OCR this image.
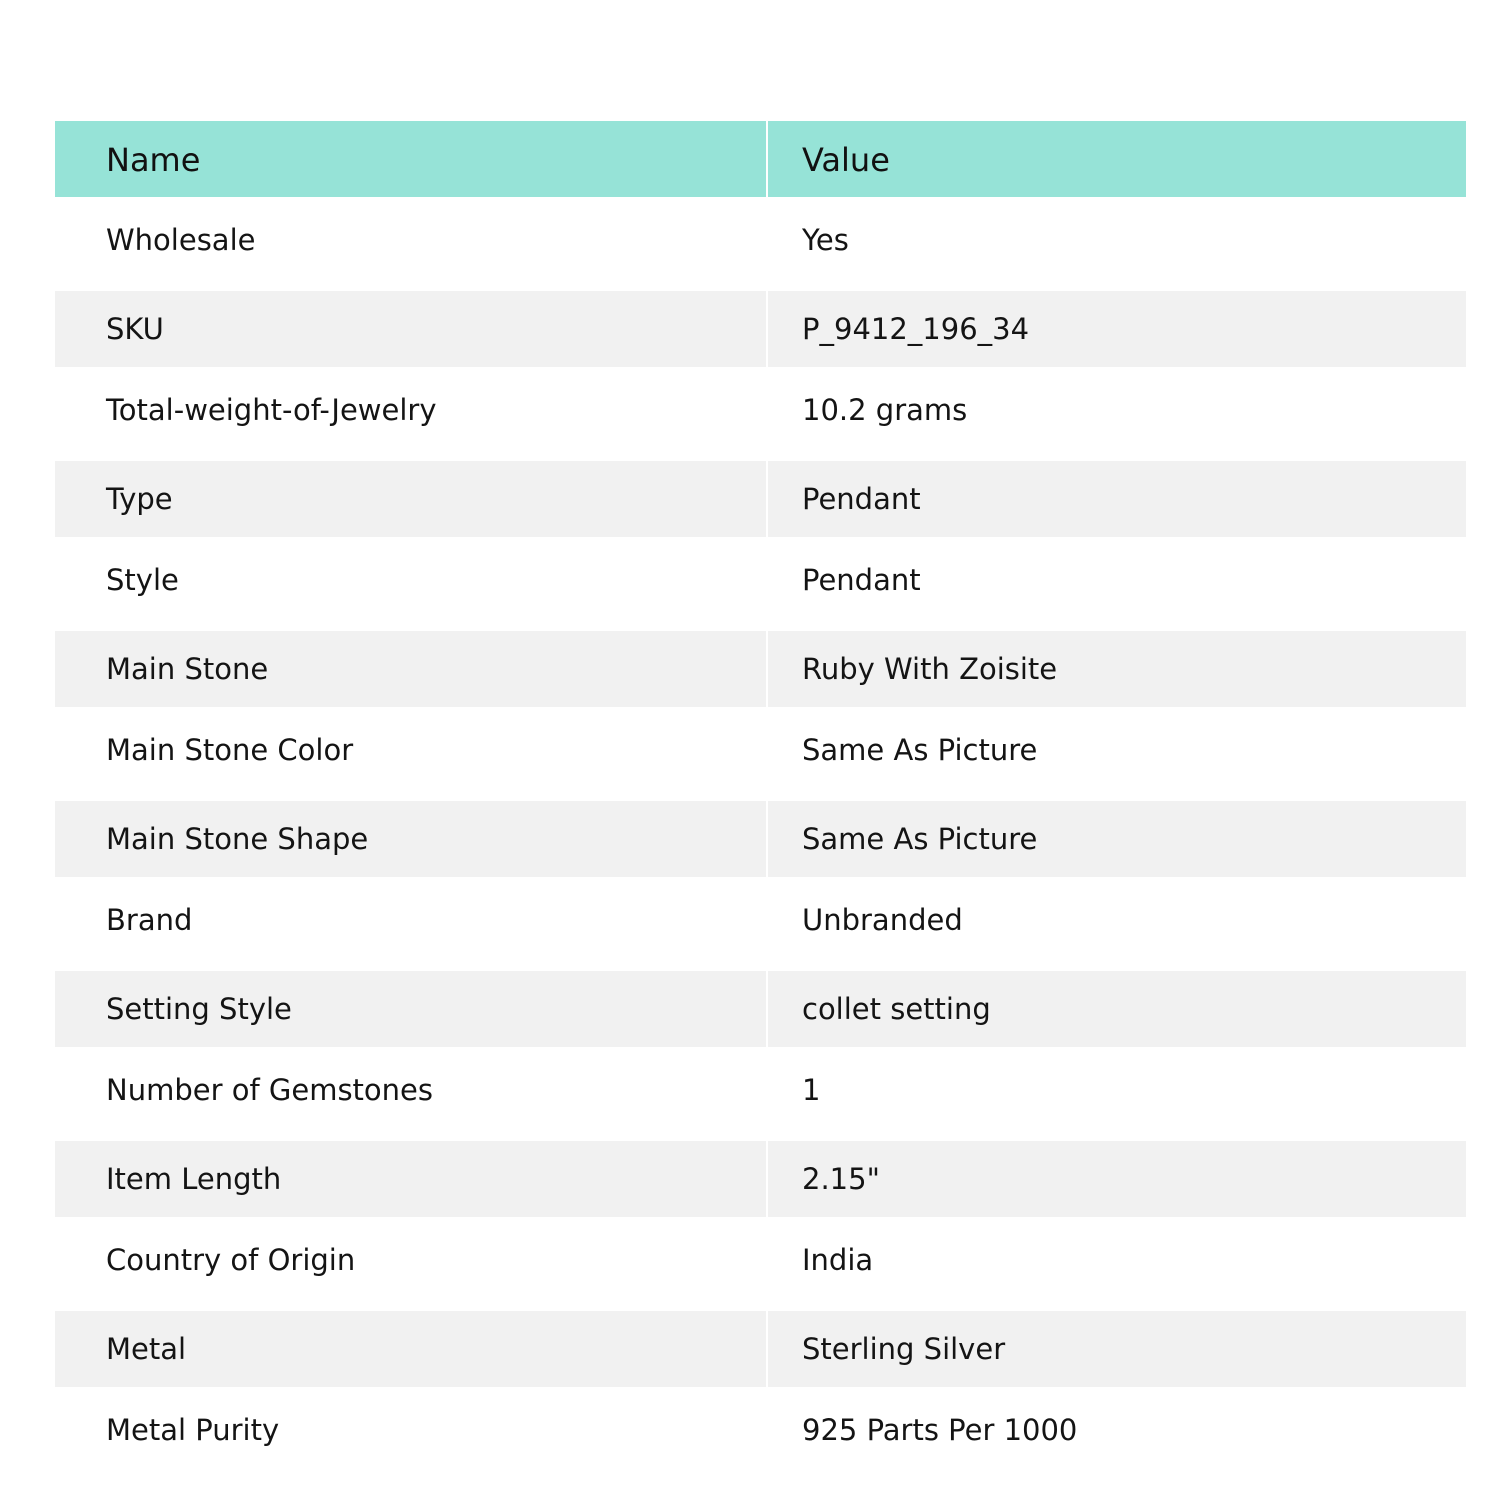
Name	Value
Wholesale	Yes
SKU	P_9412_196_34
Total-weight-of-Jewelry	10.2 grams
Type	Pendant
Style	Pendant
Main Stone	Ruby With Zoisite
Main Stone Color	Same As Picture
Main Stone Shape	Same As Picture
Brand	Unbranded
Setting Style	collet setting
Number of Gemstones	1
Item Length	2.15"
Country of Origin	India
Metal	Sterling Silver
Metal Purity	925 Parts Per 1000
